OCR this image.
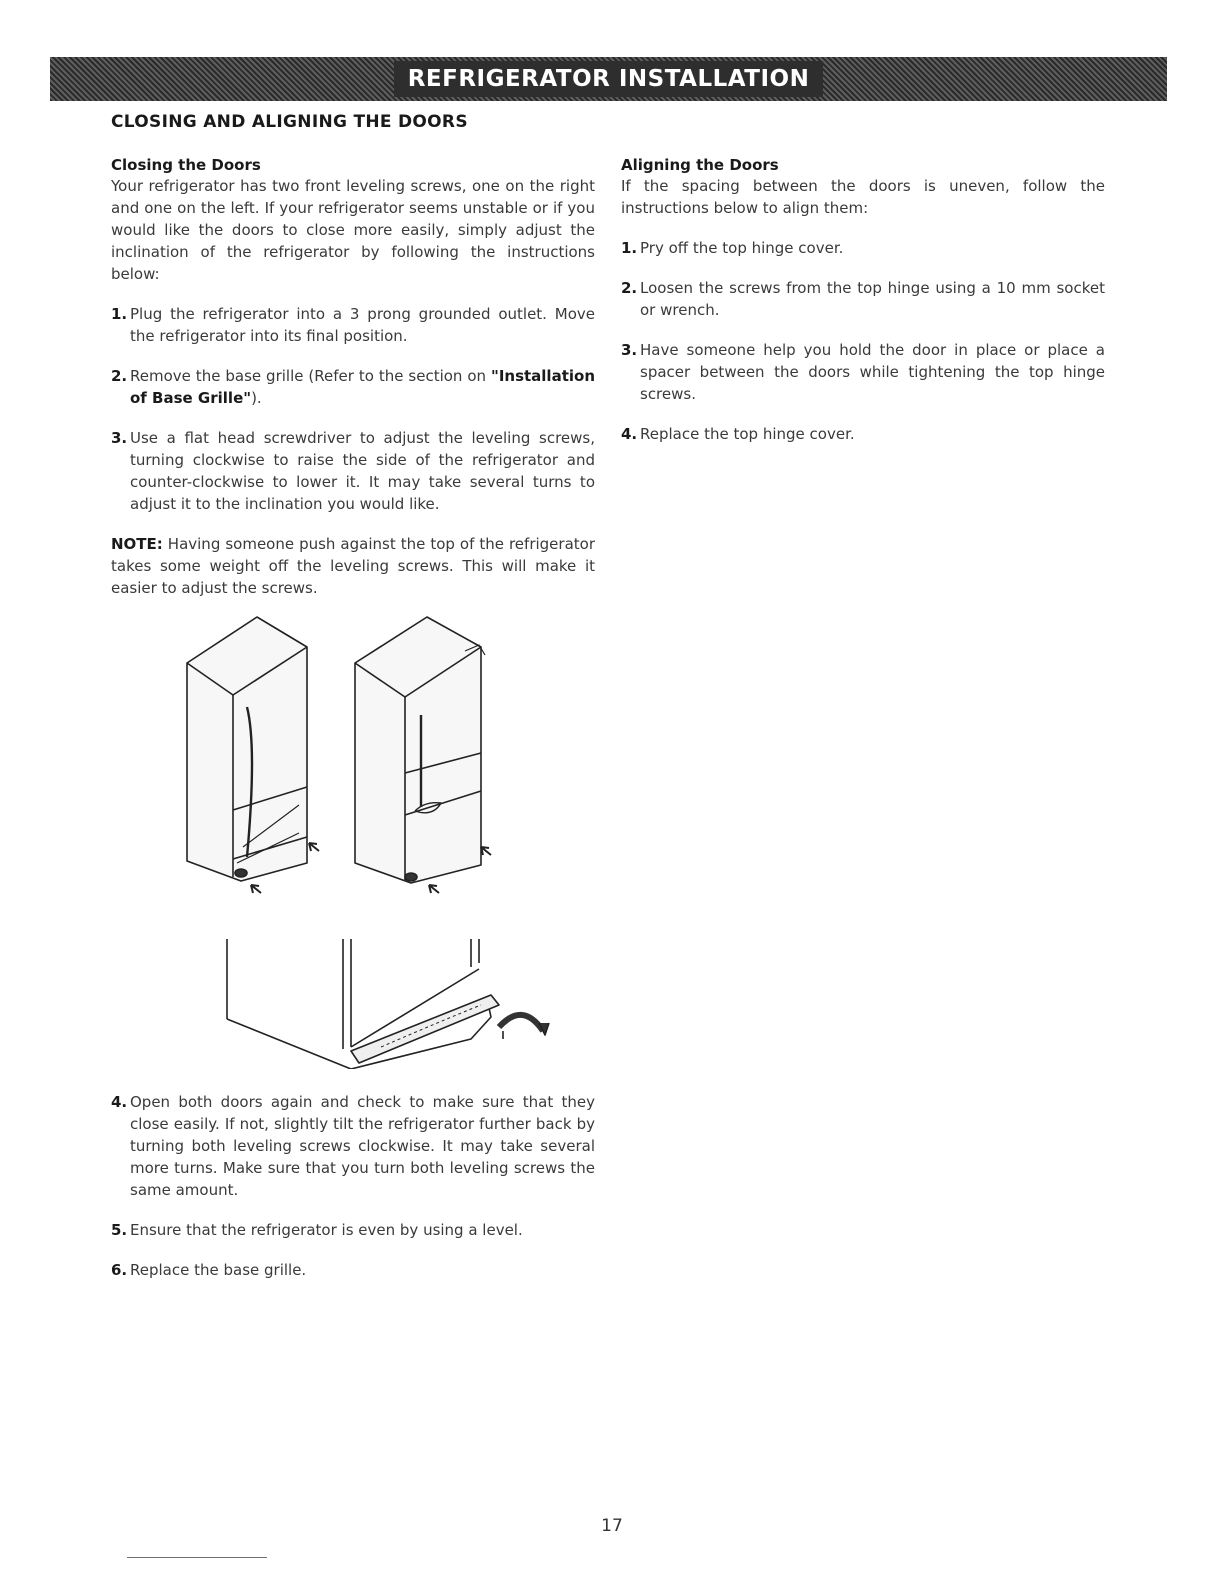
REFRIGERATOR INSTALLATION
CLOSING AND ALIGNING THE DOORS
Closing the Doors

Your refrigerator has two front leveling screws, one on the right and one on the left. If your refrigerator seems unstable or if you would like the doors to close more easily, simply adjust the inclination of the refrigerator by following the instructions below:

1. Plug the refrigerator into a 3 prong grounded outlet. Move the refrigerator into its final position.
2. Remove the base grille (Refer to the section on "Installation of Base Grille").
3. Use a flat head screwdriver to adjust the leveling screws, turning clockwise to raise the side of the refrigerator and counter-clockwise to lower it. It may take several turns to adjust it to the inclination you would like.

NOTE: Having someone push against the top of the refrigerator takes some weight off the leveling screws. This will make it easier to adjust the screws.

4. Open both doors again and check to make sure that they close easily. If not, slightly tilt the refrigerator further back by turning both leveling screws clockwise. It may take several more turns. Make sure that you turn both leveling screws the same amount.
5. Ensure that the refrigerator is even by using a level.
6. Replace the base grille.
Aligning the Doors

If the spacing between the doors is uneven, follow the instructions below to align them:

1. Pry off the top hinge cover.
2. Loosen the screws from the top hinge using a 10 mm socket or wrench.
3. Have someone help you hold the door in place or place a spacer between the doors while tightening the top hinge screws.
4. Replace the top hinge cover.

17
